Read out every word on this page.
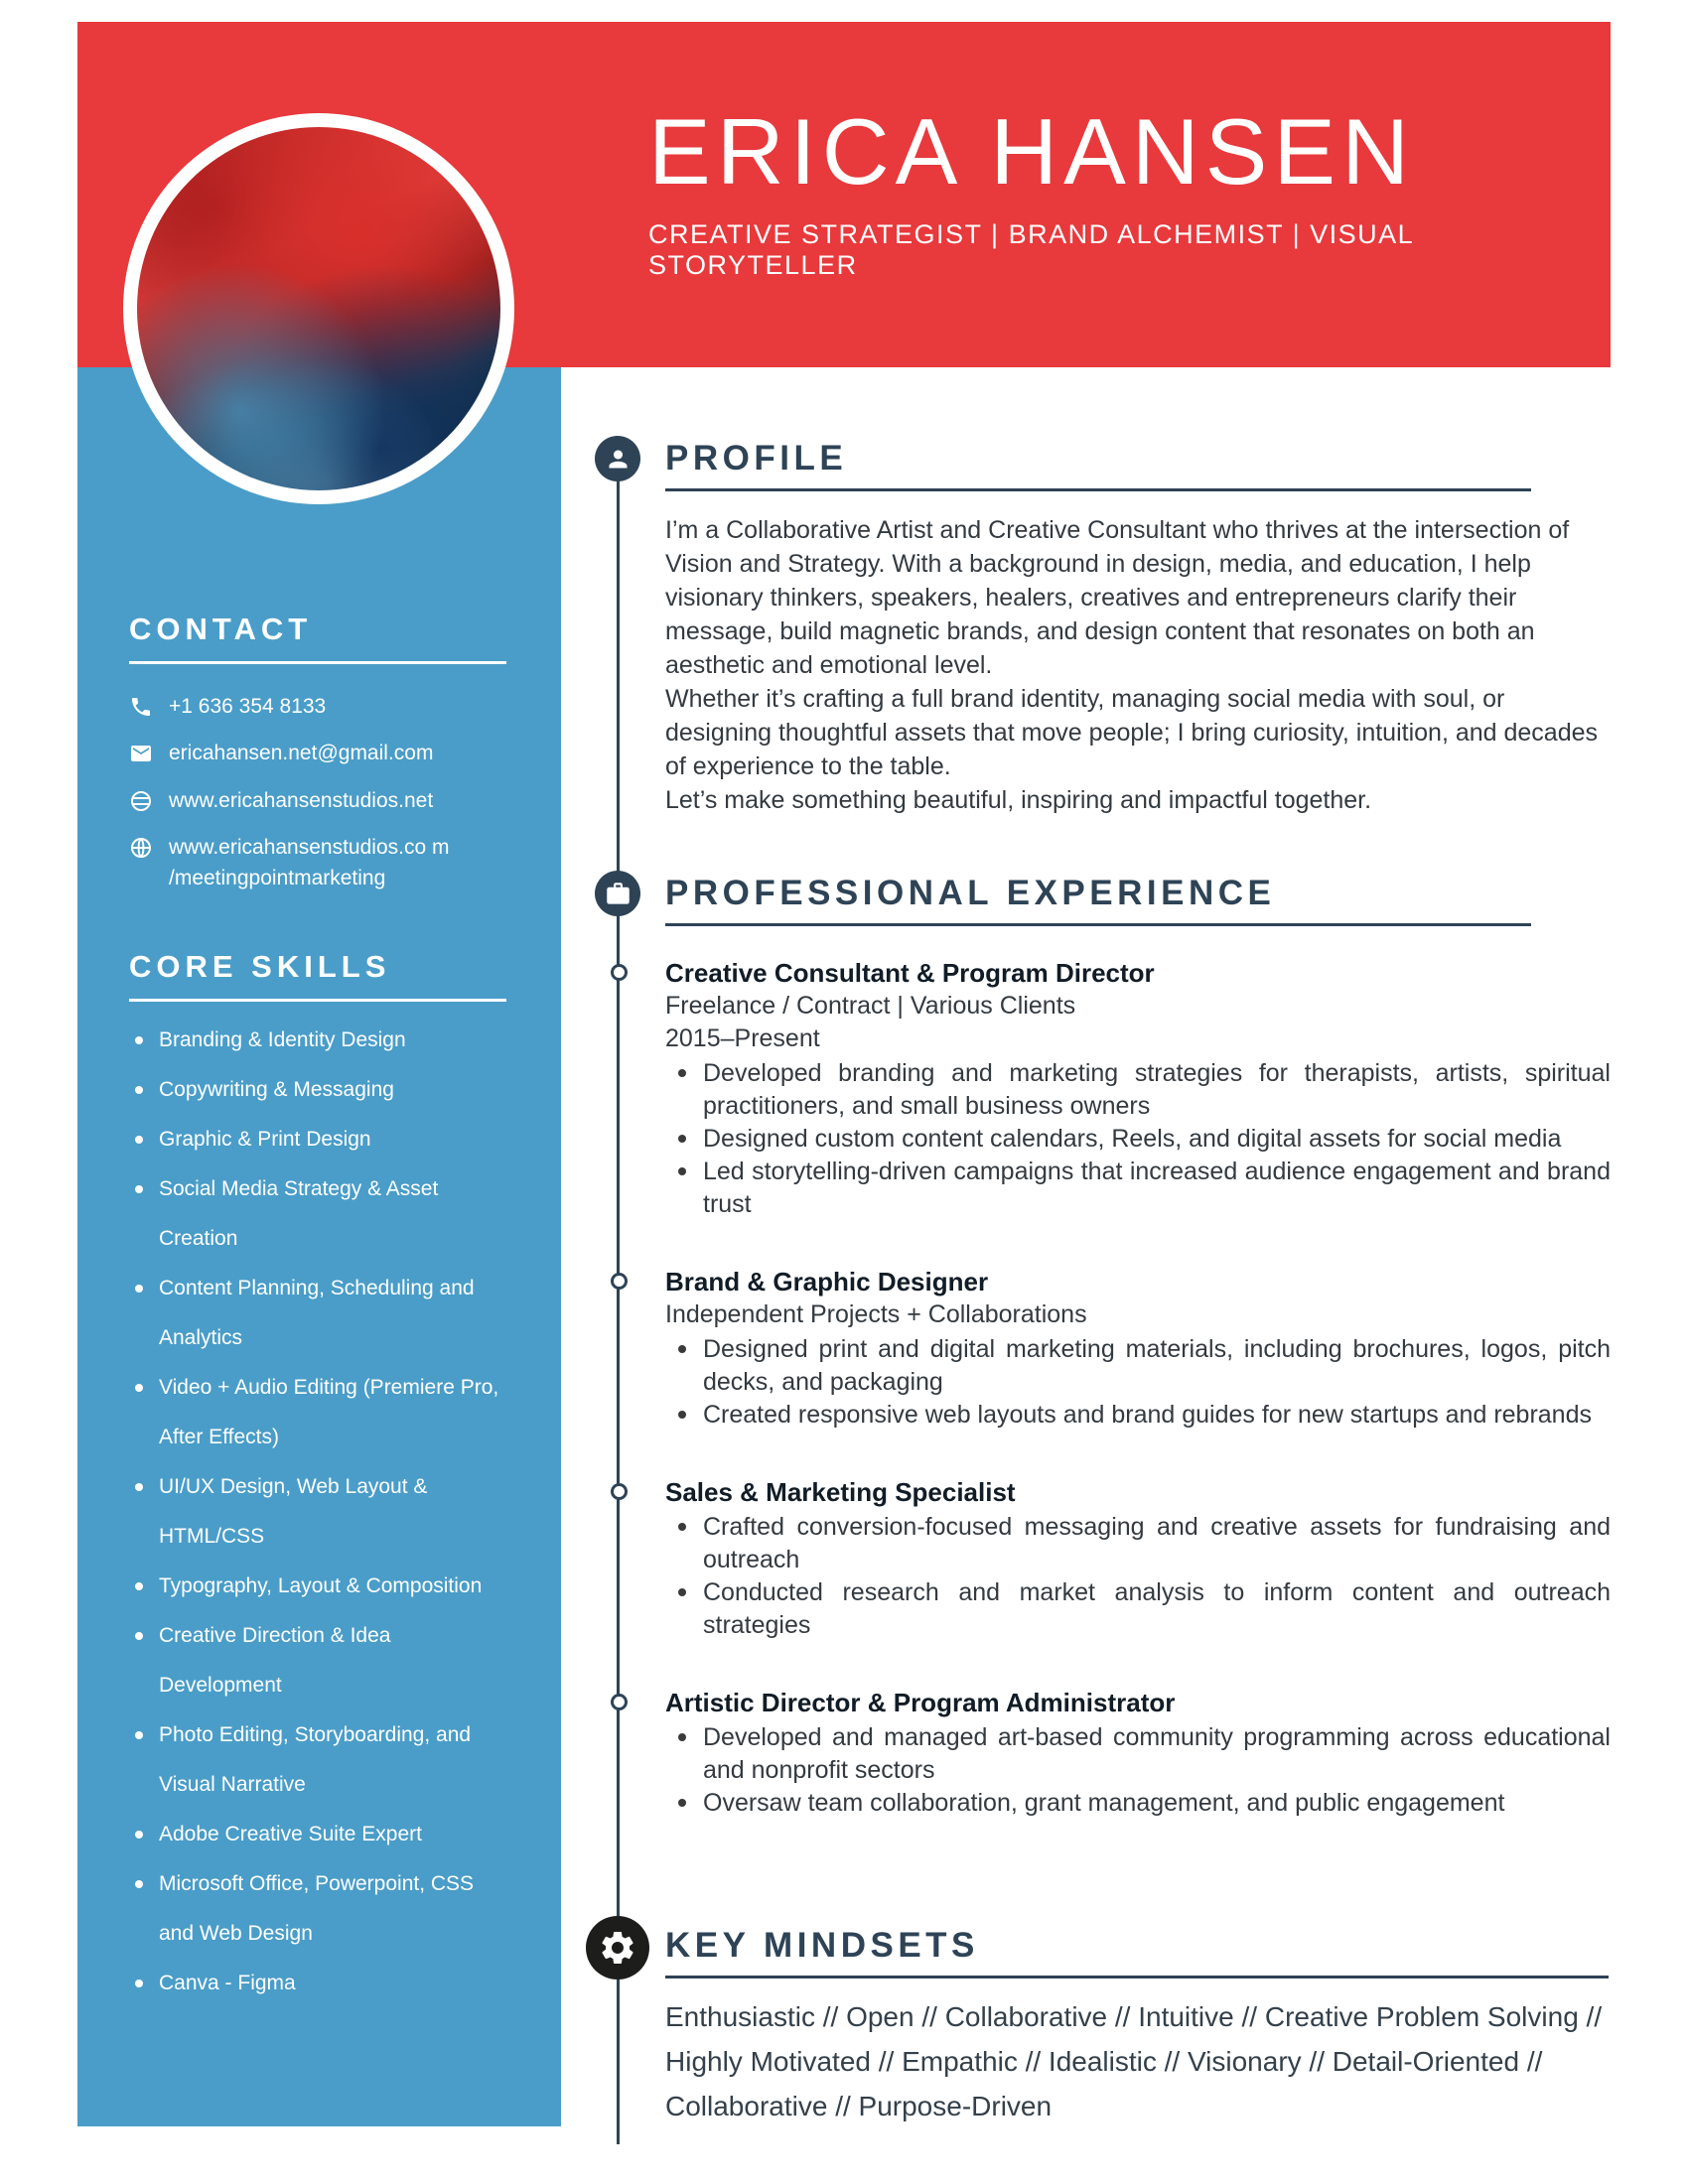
ERICA HANSEN
CREATIVE STRATEGIST | BRAND ALCHEMIST | VISUAL STORYTELLER
CONTACT
+1 636 354 8133
ericahansen.net@gmail.com
www.ericahansenstudios.net
www.ericahansenstudios.co m /meetingpointmarketing
CORE SKILLS
Branding & Identity Design
Copywriting & Messaging
Graphic & Print Design
Social Media Strategy & Asset Creation
Content Planning, Scheduling and Analytics
Video + Audio Editing (Premiere Pro, After Effects)
UI/UX Design, Web Layout & HTML/CSS
Typography, Layout & Composition
Creative Direction & Idea Development
Photo Editing, Storyboarding, and Visual Narrative
Adobe Creative Suite Expert
Microsoft Office, Powerpoint, CSS and Web Design
Canva - Figma
PROFILE

I’m a Collaborative Artist and Creative Consultant who thrives at the intersection of Vision and Strategy. With a background in design, media, and education, I help visionary thinkers, speakers, healers, creatives and entrepreneurs clarify their message, build magnetic brands, and design content that resonates on both an aesthetic and emotional level.

Whether it’s crafting a full brand identity, managing social media with soul, or designing thoughtful assets that move people; I bring curiosity, intuition, and decades of experience to the table.

Let’s make something beautiful, inspiring and impactful together.

PROFESSIONAL EXPERIENCE
Creative Consultant & Program Director
Freelance / Contract | Various Clients
2015–Present
Developed branding and marketing strategies for therapists, artists, spiritual practitioners, and small business owners
Designed custom content calendars, Reels, and digital assets for social media
Led storytelling-driven campaigns that increased audience engagement and brand trust
Brand & Graphic Designer
Independent Projects + Collaborations
Designed print and digital marketing materials, including brochures, logos, pitch decks, and packaging
Created responsive web layouts and brand guides for new startups and rebrands
Sales & Marketing Specialist
Crafted conversion-focused messaging and creative assets for fundraising and outreach
Conducted research and market analysis to inform content and outreach strategies
Artistic Director & Program Administrator
Developed and managed art-based community programming across educational and nonprofit sectors
Oversaw team collaboration, grant management, and public engagement
KEY MINDSETS
Enthusiastic // Open // Collaborative // Intuitive // Creative Problem Solving // Highly Motivated // Empathic // Idealistic // Visionary // Detail-Oriented // Collaborative // Purpose-Driven
